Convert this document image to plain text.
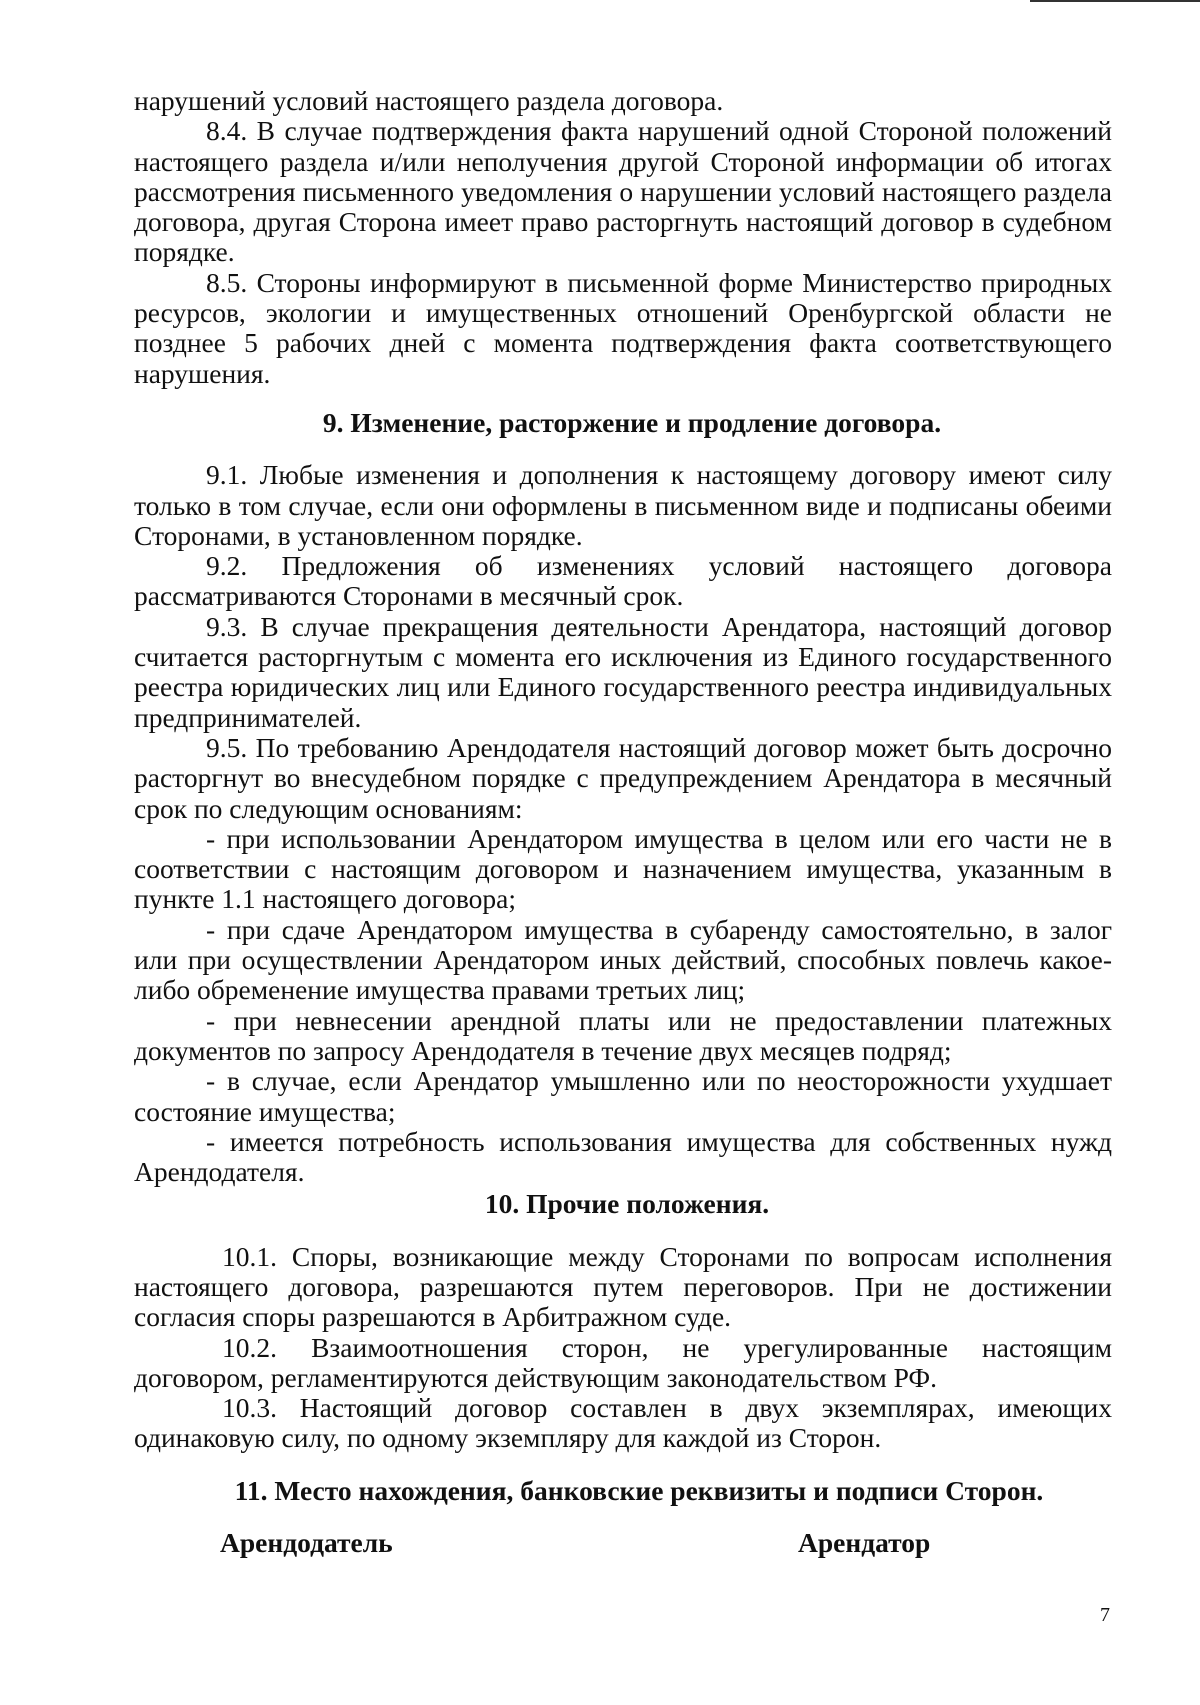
нарушений условий настоящего раздела договора.

8.4. В случае подтверждения факта нарушений одной Стороной положений настоящего раздела и/или неполучения другой Стороной информации об итогах рассмотрения письменного уведомления о нарушении условий настоящего раздела договора, другая Сторона имеет право расторгнуть настоящий договор в судебном порядке.

8.5. Стороны информируют в письменной форме Министерство природных ресурсов, экологии и имущественных отношений Оренбургской области не позднее 5 рабочих дней с момента подтверждения факта соответствующего нарушения.

9. Изменение, расторжение и продление договора.

9.1. Любые изменения и дополнения к настоящему договору имеют силу только в том случае, если они оформлены в письменном виде и подписаны обеими Сторонами, в установленном порядке.

9.2. Предложения об изменениях условий настоящего договора рассматриваются Сторонами в месячный срок.

9.3. В случае прекращения деятельности Арендатора, настоящий договор считается расторгнутым с момента его исключения из Единого государственного реестра юридических лиц или Единого государственного реестра индивидуальных предпринимателей.

9.5. По требованию Арендодателя настоящий договор может быть досрочно расторгнут во внесудебном порядке с предупреждением Арендатора в месячный срок по следующим основаниям:

- при использовании Арендатором имущества в целом или его части не в соответствии с настоящим договором и назначением имущества, указанным в пункте 1.1 настоящего договора;

- при сдаче Арендатором имущества в субаренду самостоятельно, в залог или при осуществлении Арендатором иных действий, способных повлечь какое-либо обременение имущества правами третьих лиц;

- при невнесении арендной платы или не предоставлении платежных документов по запросу Арендодателя в течение двух месяцев подряд;

- в случае, если Арендатор умышленно или по неосторожности ухудшает состояние имущества;

- имеется потребность использования имущества для собственных нужд Арендодателя.

10. Прочие положения.

10.1. Споры, возникающие между Сторонами по вопросам исполнения настоящего договора, разрешаются путем переговоров. При не достижении согласия споры разрешаются в Арбитражном суде.

10.2. Взаимоотношения сторон, не урегулированные настоящим договором, регламентируются действующим законодательством РФ.

10.3. Настоящий договор составлен в двух экземплярах, имеющих одинаковую силу, по одному экземпляру для каждой из Сторон.

11. Место нахождения, банковские реквизиты и подписи Сторон.
Арендодатель	Арендатор
7
